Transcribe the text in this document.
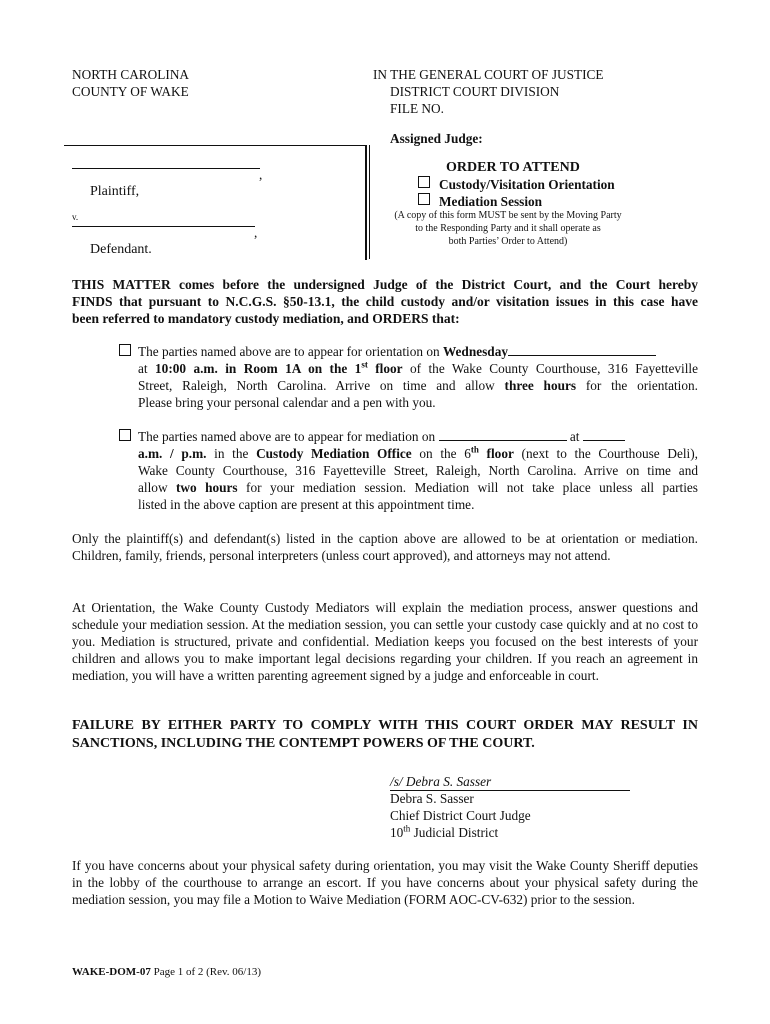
NORTH CAROLINA
COUNTY OF WAKE
IN THE GENERAL COURT OF JUSTICE
DISTRICT COURT DIVISION
FILE NO.
Assigned Judge:
,
Plaintiff,
v.
,
Defendant.
ORDER TO ATTEND
Custody/Visitation Orientation
Mediation Session
(A copy of this form MUST be sent by the Moving Party
to the Responding Party and it shall operate as
both Parties’ Order to Attend)
THIS MATTER comes before the undersigned Judge of the District Court, and the Court hereby
FINDS that pursuant to N.C.G.S. §50-13.1, the child custody and/or visitation issues in this case have
been referred to mandatory custody mediation, and ORDERS that:
The parties named above are to appear for orientation on Wednesday
at 10:00 a.m. in Room 1A on the 1st floor of the Wake County Courthouse, 316 Fayetteville
Street, Raleigh, North Carolina. Arrive on time and allow three hours for the orientation.
Please bring your personal calendar and a pen with you.
The parties named above are to appear for mediation on	at
a.m. / p.m. in the Custody Mediation Office on the 6th floor (next to the Courthouse Deli),
Wake County Courthouse, 316 Fayetteville Street, Raleigh, North Carolina. Arrive on time and
allow two hours for your mediation session. Mediation will not take place unless all parties
listed in the above caption are present at this appointment time.
Only the plaintiff(s) and defendant(s) listed in the caption above are allowed to be at orientation or mediation. Children, family, friends, personal interpreters (unless court approved), and attorneys may not attend.
At Orientation, the Wake County Custody Mediators will explain the mediation process, answer questions and schedule your mediation session. At the mediation session, you can settle your custody case quickly and at no cost to you. Mediation is structured, private and confidential. Mediation keeps you focused on the best interests of your children and allows you to make important legal decisions regarding your children. If you reach an agreement in mediation, you will have a written parenting agreement signed by a judge and enforceable in court.
FAILURE BY EITHER PARTY TO COMPLY WITH THIS COURT ORDER MAY RESULT IN SANCTIONS, INCLUDING THE CONTEMPT POWERS OF THE COURT.
/s/ Debra S. Sasser
Debra S. Sasser
Chief District Court Judge
10th Judicial District
If you have concerns about your physical safety during orientation, you may visit the Wake County Sheriff deputies in the lobby of the courthouse to arrange an escort. If you have concerns about your physical safety during the mediation session, you may file a Motion to Waive Mediation (FORM AOC-CV-632) prior to the session.
WAKE-DOM-07 Page 1 of 2 (Rev. 06/13)
